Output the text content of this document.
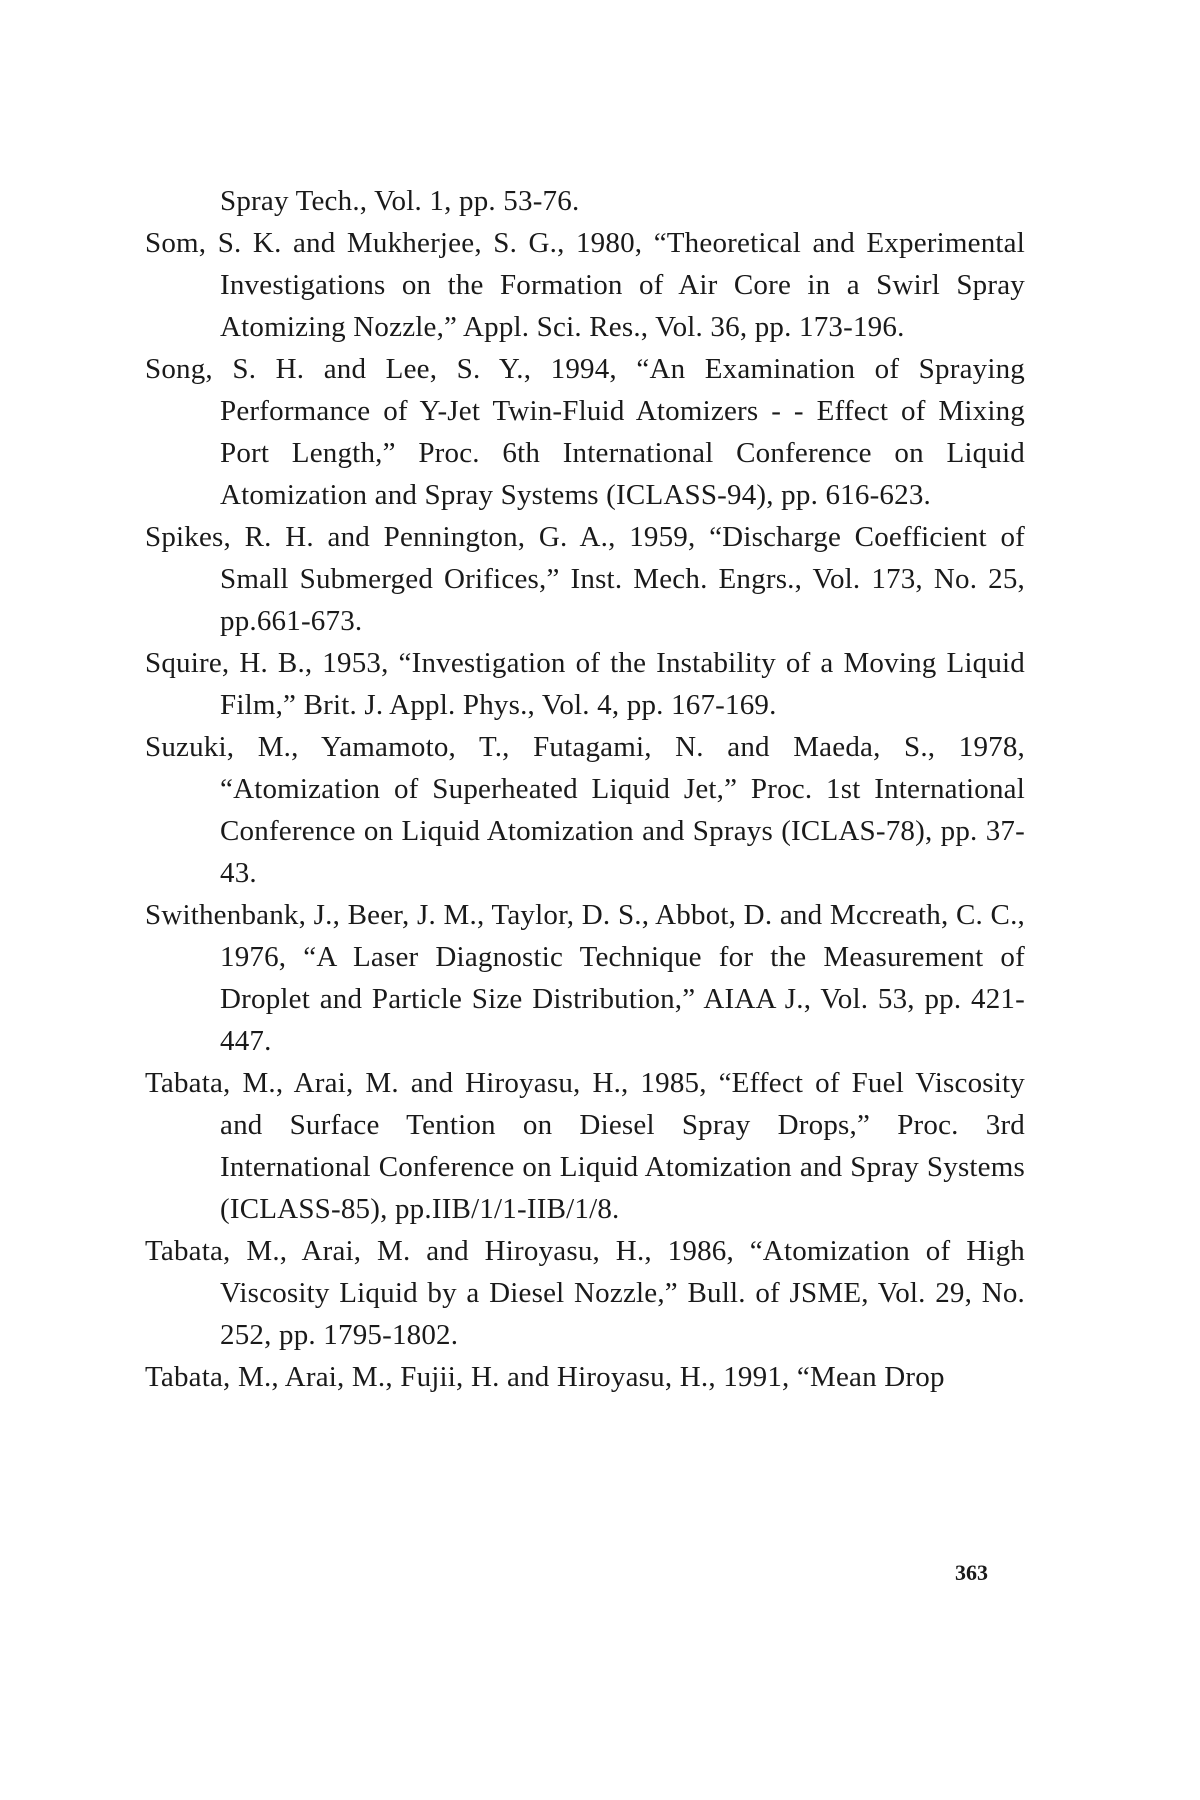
Spray Tech., Vol. 1, pp. 53-76.

Som, S. K. and Mukherjee, S. G., 1980, “Theoretical and Experimental Investigations on the Formation of Air Core in a Swirl Spray Atomizing Nozzle,” Appl. Sci. Res., Vol. 36, pp. 173-196.

Song, S. H. and Lee, S. Y., 1994, “An Examination of Spraying Performance of Y-Jet Twin-Fluid Atomizers - - Effect of Mixing Port Length,” Proc. 6th International Conference on Liquid Atomization and Spray Systems (ICLASS-94), pp. 616-623.

Spikes, R. H. and Pennington, G. A., 1959, “Discharge Coefficient of Small Submerged Orifices,” Inst. Mech. Engrs., Vol. 173, No. 25, pp.661-673.

Squire, H. B., 1953, “Investigation of the Instability of a Moving Liquid Film,” Brit. J. Appl. Phys., Vol. 4, pp. 167-169.

Suzuki, M., Yamamoto, T., Futagami, N. and Maeda, S., 1978, “Atomization of Superheated Liquid Jet,” Proc. 1st International Conference on Liquid Atomization and Sprays (ICLAS-78), pp. 37-43.

Swithenbank, J., Beer, J. M., Taylor, D. S., Abbot, D. and Mccreath, C. C., 1976, “A Laser Diagnostic Technique for the Measurement of Droplet and Particle Size Distribution,” AIAA J., Vol. 53, pp. 421-447.

Tabata, M., Arai, M. and Hiroyasu, H., 1985, “Effect of Fuel Viscosity and Surface Tention on Diesel Spray Drops,” Proc. 3rd International Conference on Liquid Atomization and Spray Systems (ICLASS-85), pp.IIB/1/1-IIB/1/8.

Tabata, M., Arai, M. and Hiroyasu, H., 1986, “Atomization of High Viscosity Liquid by a Diesel Nozzle,” Bull. of JSME, Vol. 29, No. 252, pp. 1795-1802.

Tabata, M., Arai, M., Fujii, H. and Hiroyasu, H., 1991, “Mean Drop

363
